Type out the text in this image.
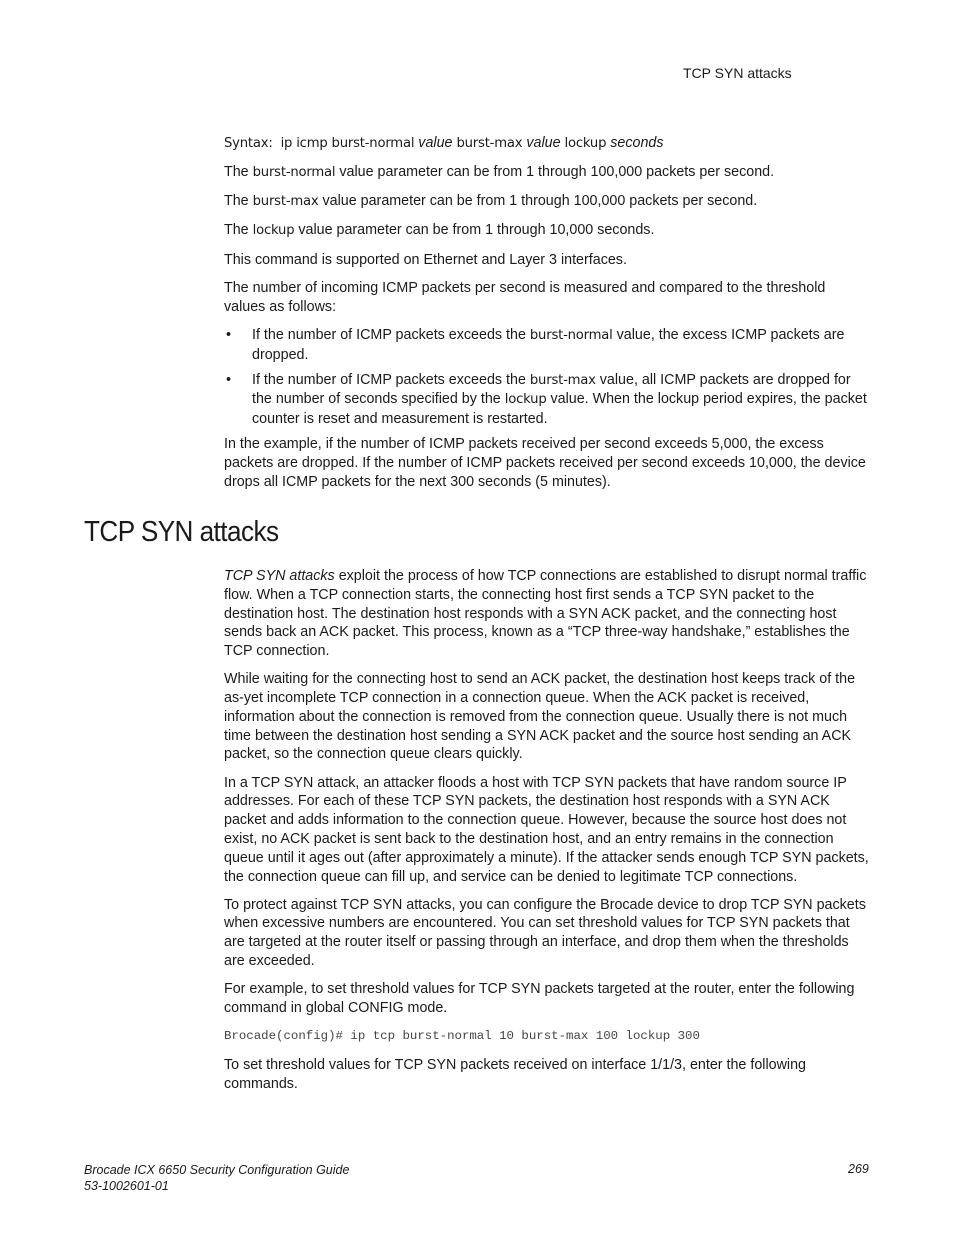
TCP SYN attacks

Syntax: ip icmp burst-normal value burst-max value lockup seconds

The burst-normal value parameter can be from 1 through 100,000 packets per second.

The burst-max value parameter can be from 1 through 100,000 packets per second.

The lockup value parameter can be from 1 through 10,000 seconds.

This command is supported on Ethernet and Layer 3 interfaces.

The number of incoming ICMP packets per second is measured and compared to the threshold values as follows:

• If the number of ICMP packets exceeds the burst-normal value, the excess ICMP packets are dropped.
• If the number of ICMP packets exceeds the burst-max value, all ICMP packets are dropped for the number of seconds specified by the lockup value. When the lockup period expires, the packet counter is reset and measurement is restarted.

In the example, if the number of ICMP packets received per second exceeds 5,000, the excess packets are dropped. If the number of ICMP packets received per second exceeds 10,000, the device drops all ICMP packets for the next 300 seconds (5 minutes).

TCP SYN attacks

TCP SYN attacks exploit the process of how TCP connections are established to disrupt normal traffic flow. When a TCP connection starts, the connecting host first sends a TCP SYN packet to the destination host. The destination host responds with a SYN ACK packet, and the connecting host sends back an ACK packet. This process, known as a “TCP three-way handshake,” establishes the TCP connection.

While waiting for the connecting host to send an ACK packet, the destination host keeps track of the as-yet incomplete TCP connection in a connection queue. When the ACK packet is received, information about the connection is removed from the connection queue. Usually there is not much time between the destination host sending a SYN ACK packet and the source host sending an ACK packet, so the connection queue clears quickly.

In a TCP SYN attack, an attacker floods a host with TCP SYN packets that have random source IP addresses. For each of these TCP SYN packets, the destination host responds with a SYN ACK packet and adds information to the connection queue. However, because the source host does not exist, no ACK packet is sent back to the destination host, and an entry remains in the connection queue until it ages out (after approximately a minute). If the attacker sends enough TCP SYN packets, the connection queue can fill up, and service can be denied to legitimate TCP connections.

To protect against TCP SYN attacks, you can configure the Brocade device to drop TCP SYN packets when excessive numbers are encountered. You can set threshold values for TCP SYN packets that are targeted at the router itself or passing through an interface, and drop them when the thresholds are exceeded.

For example, to set threshold values for TCP SYN packets targeted at the router, enter the following command in global CONFIG mode.

Brocade(config)# ip tcp burst-normal 10 burst-max 100 lockup 300

To set threshold values for TCP SYN packets received on interface 1/1/3, enter the following commands.

Brocade ICX 6650 Security Configuration Guide
53-1002601-01
269
